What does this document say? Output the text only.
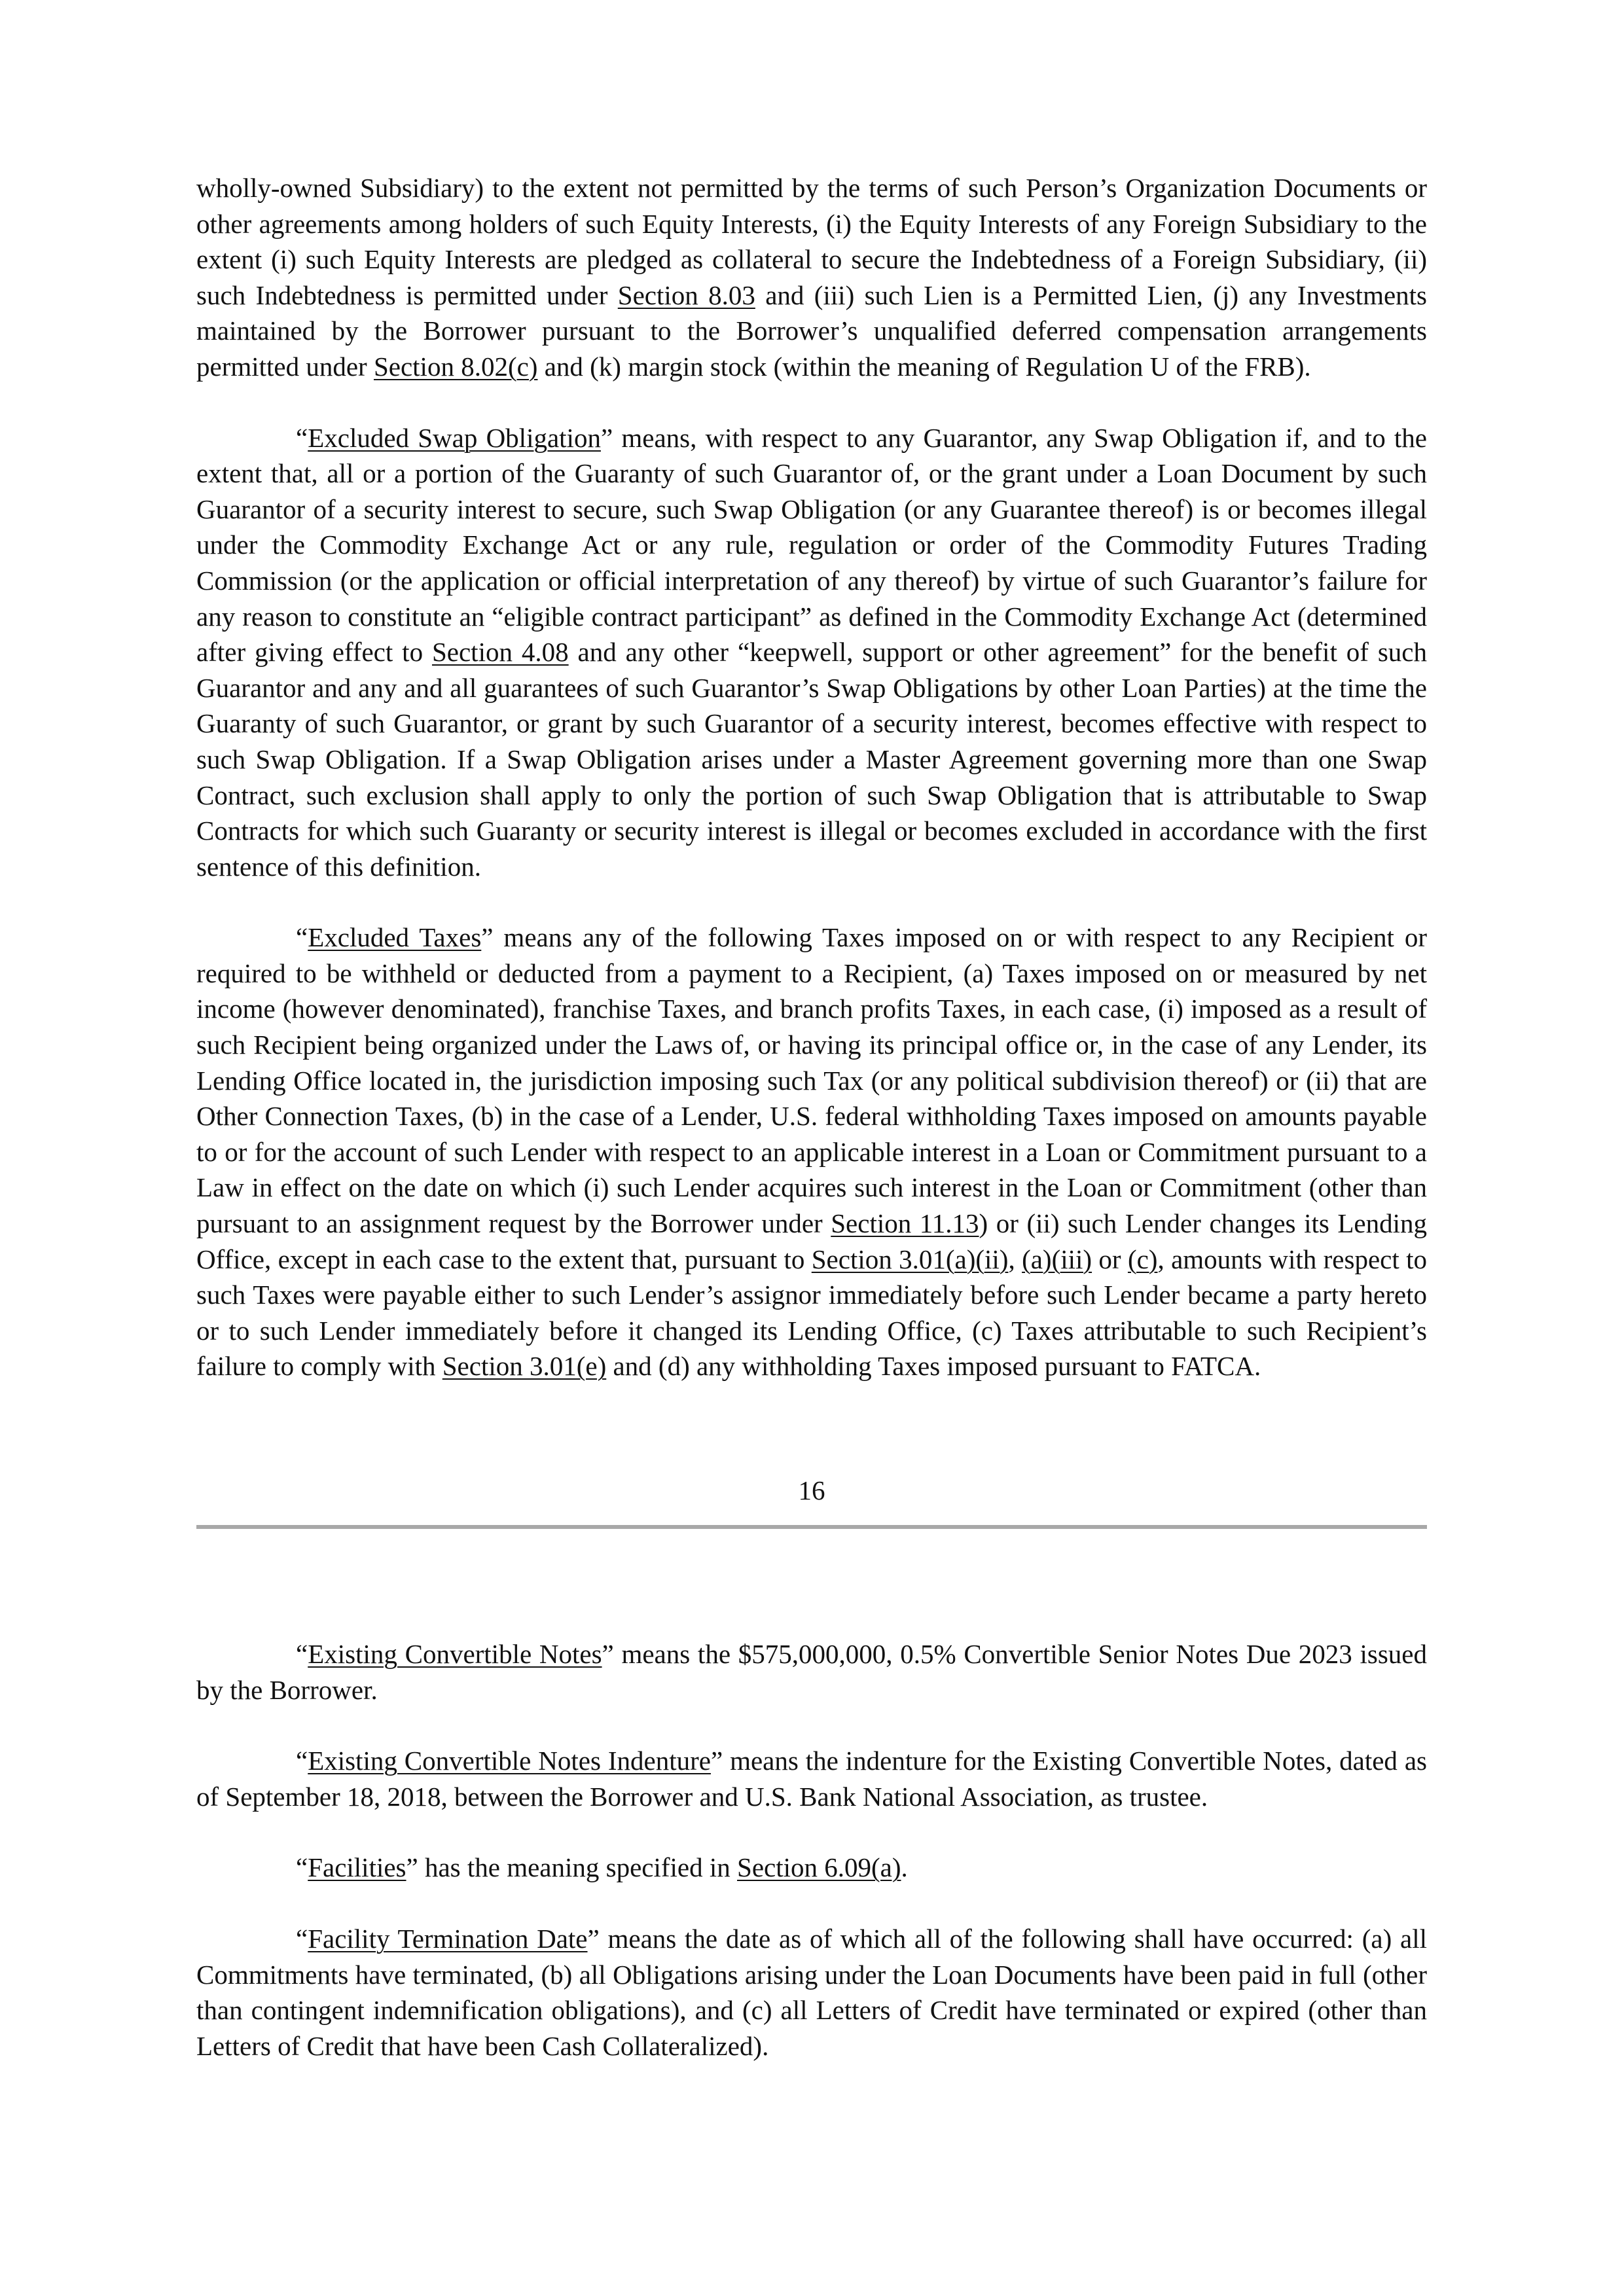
wholly-owned Subsidiary) to the extent not permitted by the terms of such Person’s Organization Documents or other agreements among holders of such Equity Interests, (i) the Equity Interests of any Foreign Subsidiary to the extent (i) such Equity Interests are pledged as collateral to secure the Indebtedness of a Foreign Subsidiary, (ii) such Indebtedness is permitted under Section 8.03 and (iii) such Lien is a Permitted Lien, (j) any Investments maintained by the Borrower pursuant to the Borrower’s unqualified deferred compensation arrangements permitted under Section 8.02(c) and (k) margin stock (within the meaning of Regulation U of the FRB).

“Excluded Swap Obligation” means, with respect to any Guarantor, any Swap Obligation if, and to the extent that, all or a portion of the Guaranty of such Guarantor of, or the grant under a Loan Document by such Guarantor of a security interest to secure, such Swap Obligation (or any Guarantee thereof) is or becomes illegal under the Commodity Exchange Act or any rule, regulation or order of the Commodity Futures Trading Commission (or the application or official interpretation of any thereof) by virtue of such Guarantor’s failure for any reason to constitute an “eligible contract participant” as defined in the Commodity Exchange Act (determined after giving effect to Section 4.08 and any other “keepwell, support or other agreement” for the benefit of such Guarantor and any and all guarantees of such Guarantor’s Swap Obligations by other Loan Parties) at the time the Guaranty of such Guarantor, or grant by such Guarantor of a security interest, becomes effective with respect to such Swap Obligation. If a Swap Obligation arises under a Master Agreement governing more than one Swap Contract, such exclusion shall apply to only the portion of such Swap Obligation that is attributable to Swap Contracts for which such Guaranty or security interest is illegal or becomes excluded in accordance with the first sentence of this definition.

“Excluded Taxes” means any of the following Taxes imposed on or with respect to any Recipient or required to be withheld or deducted from a payment to a Recipient, (a) Taxes imposed on or measured by net income (however denominated), franchise Taxes, and branch profits Taxes, in each case, (i) imposed as a result of such Recipient being organized under the Laws of, or having its principal office or, in the case of any Lender, its Lending Office located in, the jurisdiction imposing such Tax (or any political subdivision thereof) or (ii) that are Other Connection Taxes, (b) in the case of a Lender, U.S. federal withholding Taxes imposed on amounts payable to or for the account of such Lender with respect to an applicable interest in a Loan or Commitment pursuant to a Law in effect on the date on which (i) such Lender acquires such interest in the Loan or Commitment (other than pursuant to an assignment request by the Borrower under Section 11.13) or (ii) such Lender changes its Lending Office, except in each case to the extent that, pursuant to Section 3.01(a)(ii), (a)(iii) or (c), amounts with respect to such Taxes were payable either to such Lender’s assignor immediately before such Lender became a party hereto or to such Lender immediately before it changed its Lending Office, (c) Taxes attributable to such Recipient’s failure to comply with Section 3.01(e) and (d) any withholding Taxes imposed pursuant to FATCA.

16

“Existing Convertible Notes” means the $575,000,000, 0.5% Convertible Senior Notes Due 2023 issued by the Borrower.

“Existing Convertible Notes Indenture” means the indenture for the Existing Convertible Notes, dated as of September 18, 2018, between the Borrower and U.S. Bank National Association, as trustee.

“Facilities” has the meaning specified in Section 6.09(a).

“Facility Termination Date” means the date as of which all of the following shall have occurred: (a) all Commitments have terminated, (b) all Obligations arising under the Loan Documents have been paid in full (other than contingent indemnification obligations), and (c) all Letters of Credit have terminated or expired (other than Letters of Credit that have been Cash Collateralized).
